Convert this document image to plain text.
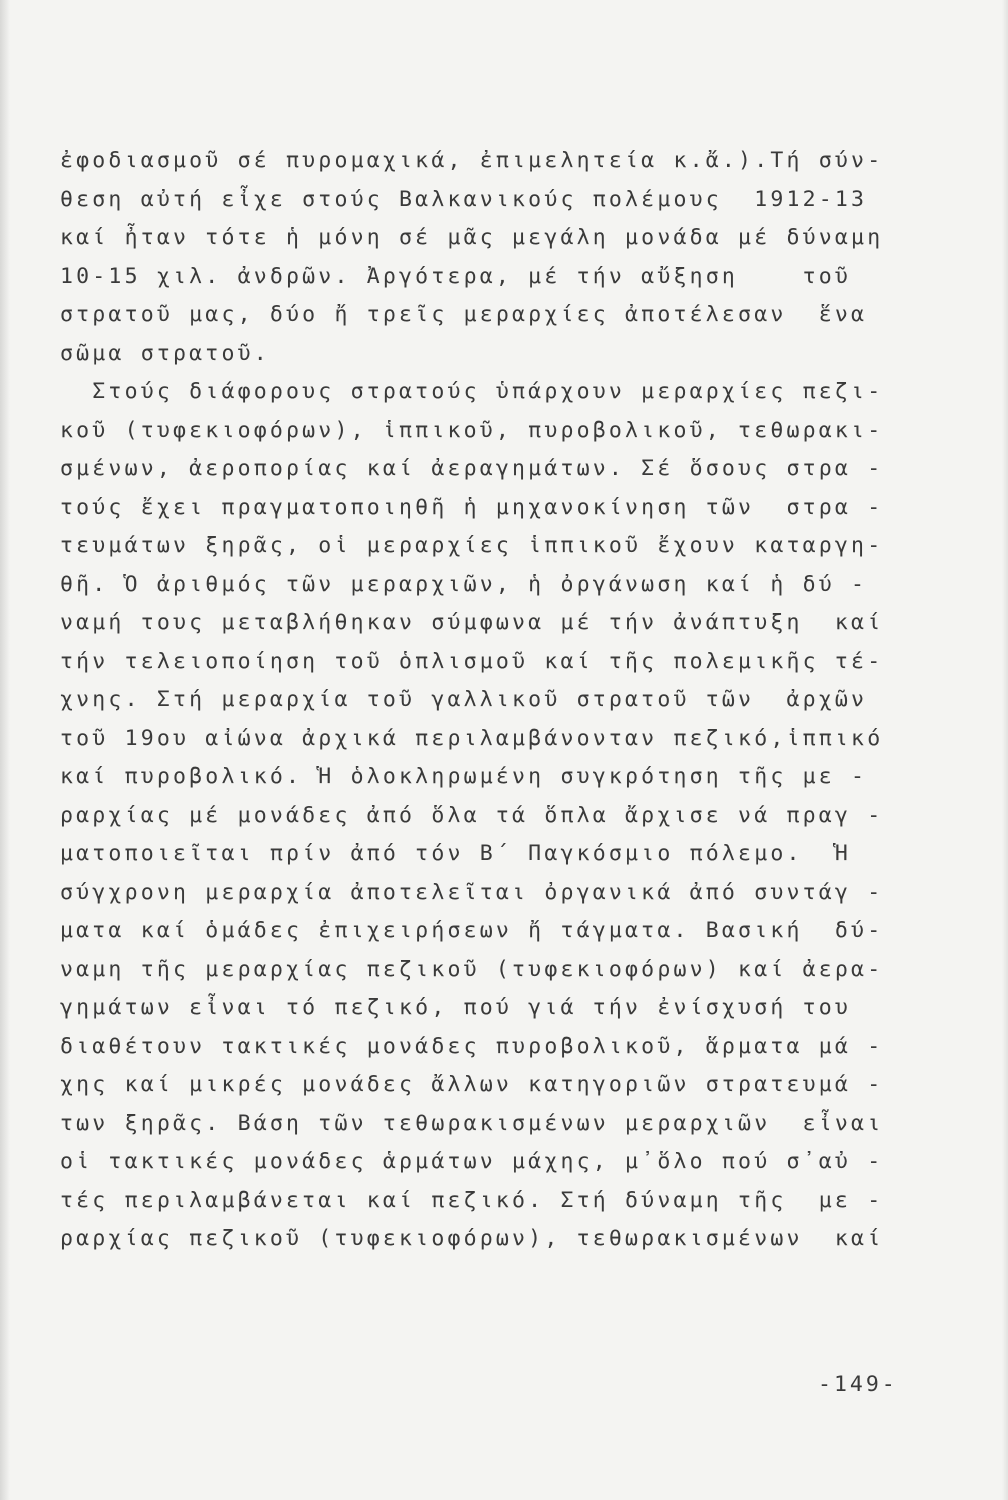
ἐφοδιασμοῦ σέ πυρομαχικά, ἐπιμελητεία κ.ἄ.).Τή σύν-
θεση αὐτή εἶχε στούς Βαλκανικούς πολέμους  1912-13
καί ἦταν τότε ἡ μόνη σέ μᾶς μεγάλη μονάδα μέ δύναμη
10-15 χιλ. ἀνδρῶν. Ἀργότερα, μέ τήν αὔξηση    τοῦ
στρατοῦ μας, δύο ἤ τρεῖς μεραρχίες ἀποτέλεσαν  ἕνα
σῶμα στρατοῦ.
Στούς διάφορους στρατούς ὑπάρχουν μεραρχίες πεζι-
κοῦ (τυφεκιοφόρων), ἱππικοῦ, πυροβολικοῦ, τεθωρακι-
σμένων, ἀεροπορίας καί ἀεραγημάτων. Σέ ὅσους στρα -
τούς ἔχει πραγματοποιηθῆ ἡ μηχανοκίνηση τῶν  στρα -
τευμάτων ξηρᾶς, οἱ μεραρχίες ἱππικοῦ ἔχουν καταργη-
θῆ. Ὁ ἀριθμός τῶν μεραρχιῶν, ἡ ὀργάνωση καί ἡ δύ -
ναμή τους μεταβλήθηκαν σύμφωνα μέ τήν ἀνάπτυξη  καί
τήν τελειοποίηση τοῦ ὁπλισμοῦ καί τῆς πολεμικῆς τέ-
χνης. Στή μεραρχία τοῦ γαλλικοῦ στρατοῦ τῶν  ἀρχῶν
τοῦ 19ου αἰώνα ἀρχικά περιλαμβάνονταν πεζικό,ἱππικό
καί πυροβολικό. Ἡ ὁλοκληρωμένη συγκρότηση τῆς με -
ραρχίας μέ μονάδες ἀπό ὅλα τά ὅπλα ἄρχισε νά πραγ -
ματοποιεῖται πρίν ἀπό τόν Β΄ Παγκόσμιο πόλεμο.  Ἡ
σύγχρονη μεραρχία ἀποτελεῖται ὀργανικά ἀπό συντάγ -
ματα καί ὁμάδες ἐπιχειρήσεων ἤ τάγματα. Βασική  δύ-
ναμη τῆς μεραρχίας πεζικοῦ (τυφεκιοφόρων) καί ἀερα-
γημάτων εἶναι τό πεζικό, πού γιά τήν ἐνίσχυσή του
διαθέτουν τακτικές μονάδες πυροβολικοῦ, ἅρματα μά -
χης καί μικρές μονάδες ἄλλων κατηγοριῶν στρατευμά -
των ξηρᾶς. Βάση τῶν τεθωρακισμένων μεραρχιῶν  εἶναι
οἱ τακτικές μονάδες ἁρμάτων μάχης, μ᾿ὅλο πού σ᾿αὐ -
τές περιλαμβάνεται καί πεζικό. Στή δύναμη τῆς  με -
ραρχίας πεζικοῦ (τυφεκιοφόρων), τεθωρακισμένων  καί
-149-
